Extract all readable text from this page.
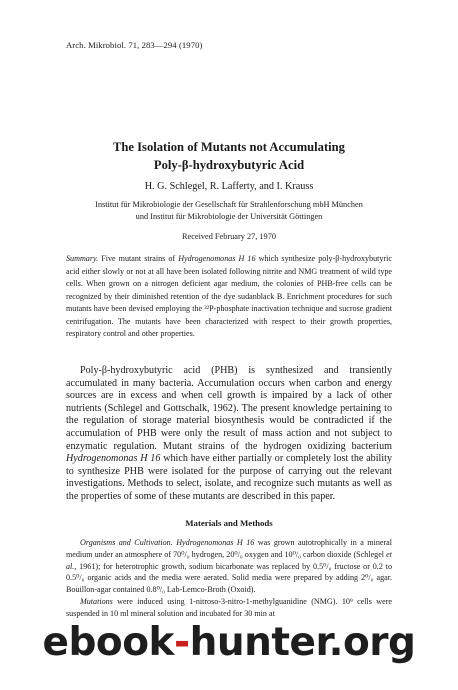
Arch. Mikrobiol. 71, 283—294 (1970)
The Isolation of Mutants not Accumulating
Poly-β-hydroxybutyric Acid
H. G. Schlegel, R. Lafferty, and I. Krauss
Institut für Mikrobiologie der Gesellschaft für Strahlenforschung mbH München
und Institut für Mikrobiologie der Universität Göttingen
Received February 27, 1970

Summary. Five mutant strains of Hydrogenomonas H 16 which synthesize poly-β-hydroxybutyric acid either slowly or not at all have been isolated following nitrite and NMG treatment of wild type cells. When grown on a nitrogen deficient agar medium, the colonies of PHB-free cells can be recognized by their diminished retention of the dye sudanblack B. Enrichment procedures for such mutants have been devised employing the ³²P-phosphate inactivation technique and sucrose gradient centrifugation. The mutants have been characterized with respect to their growth properties, respiratory control and other properties.

Poly-β-hydroxybutyric acid (PHB) is synthesized and transiently accumulated in many bacteria. Accumulation occurs when carbon and energy sources are in excess and when cell growth is impaired by a lack of other nutrients (Schlegel and Gottschalk, 1962). The present knowledge pertaining to the regulation of storage material biosynthesis would be contradicted if the accumulation of PHB were only the result of mass action and not subject to enzymatic regulation. Mutant strains of the hydrogen oxidizing bacterium Hydrogenomonas H 16 which have either partially or completely lost the ability to synthesize PHB were isolated for the purpose of carrying out the relevant investigations. Methods to select, isolate, and recognize such mutants as well as the properties of some of these mutants are described in this paper.

Materials and Methods

Organisms and Cultivation. Hydrogenomonas H 16 was grown autotrophically in a mineral medium under an atmosphere of 70⁰/₀ hydrogen, 20⁰/₀ oxygen and 10⁰/₀ carbon dioxide (Schlegel et al., 1961); for heterotrophic growth, sodium bicarbonate was replaced by 0.5⁰/₀ fructose or 0.2 to 0.5⁰/₀ organic acids and the media were aerated. Solid media were prepared by adding 2⁰/₀ agar. Bouillon-agar contained 0.8⁰/₀ Lab-Lemco-Broth (Oxoid).

Mutations were induced using 1-nitroso-3-nitro-1-methylguanidine (NMG). 10⁹ cells were suspended in 10 ml mineral solution and incubated for 30 min at

ebook-hunter.org
